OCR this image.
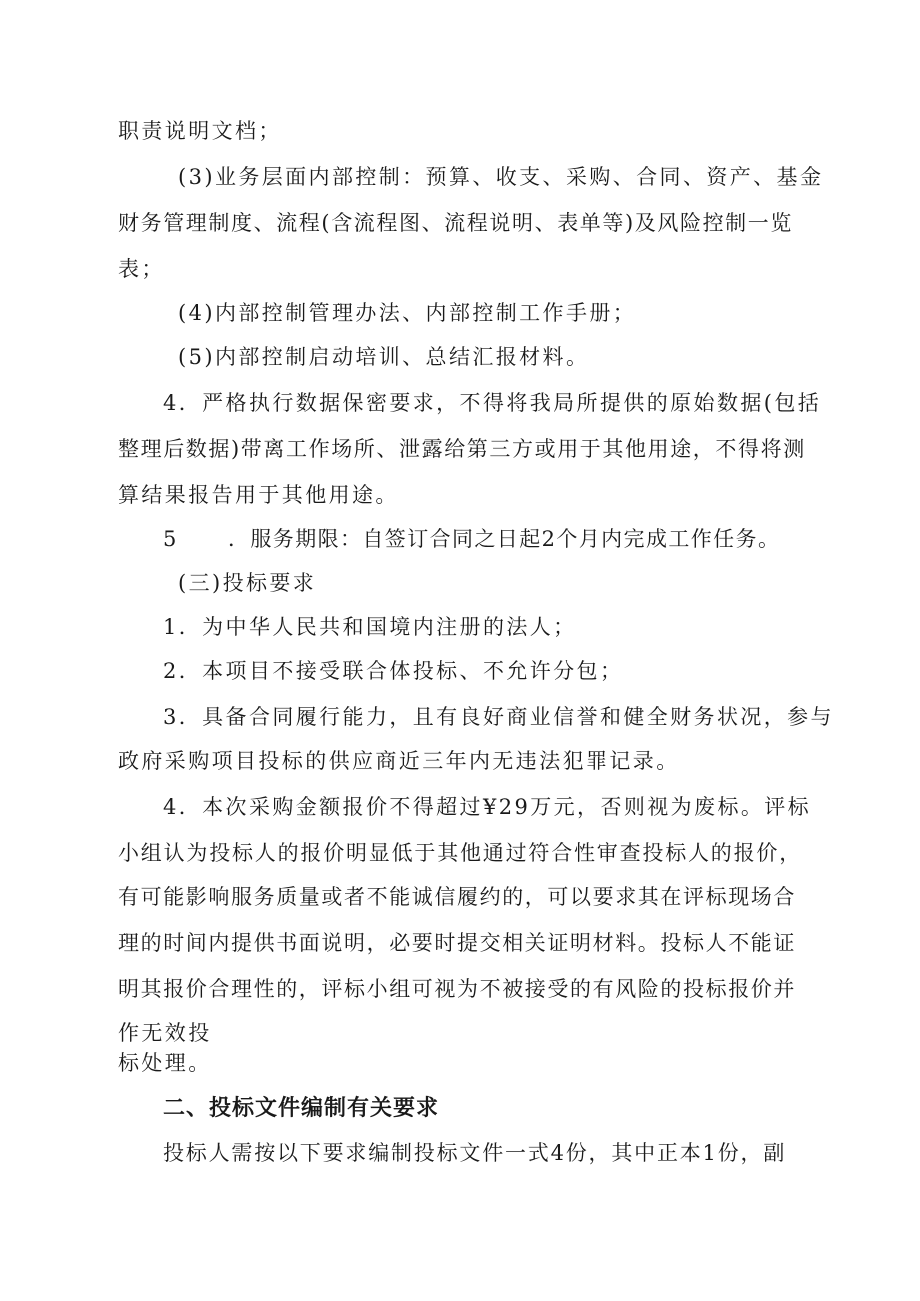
职责说明文档；
(3)业务层面内部控制：预算、收支、采购、合同、资产、基金
财务管理制度、流程(含流程图、流程说明、表单等)及风险控制一览
表；
(4)内部控制管理办法、内部控制工作手册；
(5)内部控制启动培训、总结汇报材料。
4．严格执行数据保密要求，不得将我局所提供的原始数据(包括
整理后数据)带离工作场所、泄露给第三方或用于其他用途，不得将测
算结果报告用于其他用途。
5 ．服务期限：自签订合同之日起2个月内完成工作任务。
(三)投标要求
1．为中华人民共和国境内注册的法人；
2．本项目不接受联合体投标、不允许分包；
3．具备合同履行能力，且有良好商业信誉和健全财务状况，参与
政府采购项目投标的供应商近三年内无违法犯罪记录。
4．本次采购金额报价不得超过¥29万元，否则视为废标。评标
小组认为投标人的报价明显低于其他通过符合性审查投标人的报价，
有可能影响服务质量或者不能诚信履约的，可以要求其在评标现场合
理的时间内提供书面说明，必要时提交相关证明材料。投标人不能证
明其报价合理性的，评标小组可视为不被接受的有风险的投标报价并
作无效投
标处理。
二、投标文件编制有关要求
投标人需按以下要求编制投标文件一式4份，其中正本1份，副
